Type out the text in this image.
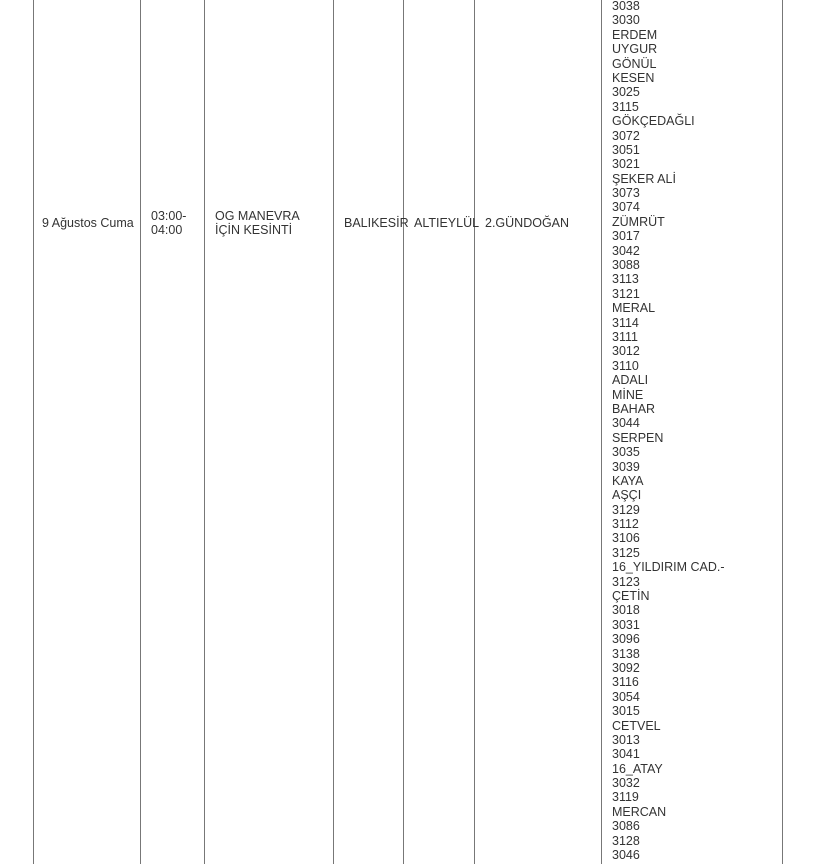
9 Ağustos Cuma 03:00- 04:00
OG MANEVRA İÇİN KESİNTİ
BALIKESİR ALTIEYLÜL 2.GÜNDOĞAN
3038
3030
ERDEM
UYGUR
GÖNÜL
KESEN
3025
3115
GÖKÇEDAĞLI
3072
3051
3021
ŞEKER ALİ
3073
3074
ZÜMRÜT
3017
3042
3088
3113
3121
MERAL
3114
3111
3012
3110
ADALI
MİNE
BAHAR
3044
SERPEN
3035
3039
KAYA
AŞÇI
3129
3112
3106
3125
16_YILDIRIM CAD.-
3123
ÇETİN
3018
3031
3096
3138
3092
3116
3054
3015
CETVEL
3013
3041
16_ATAY
3032
3119
MERCAN
3086
3128
3046
